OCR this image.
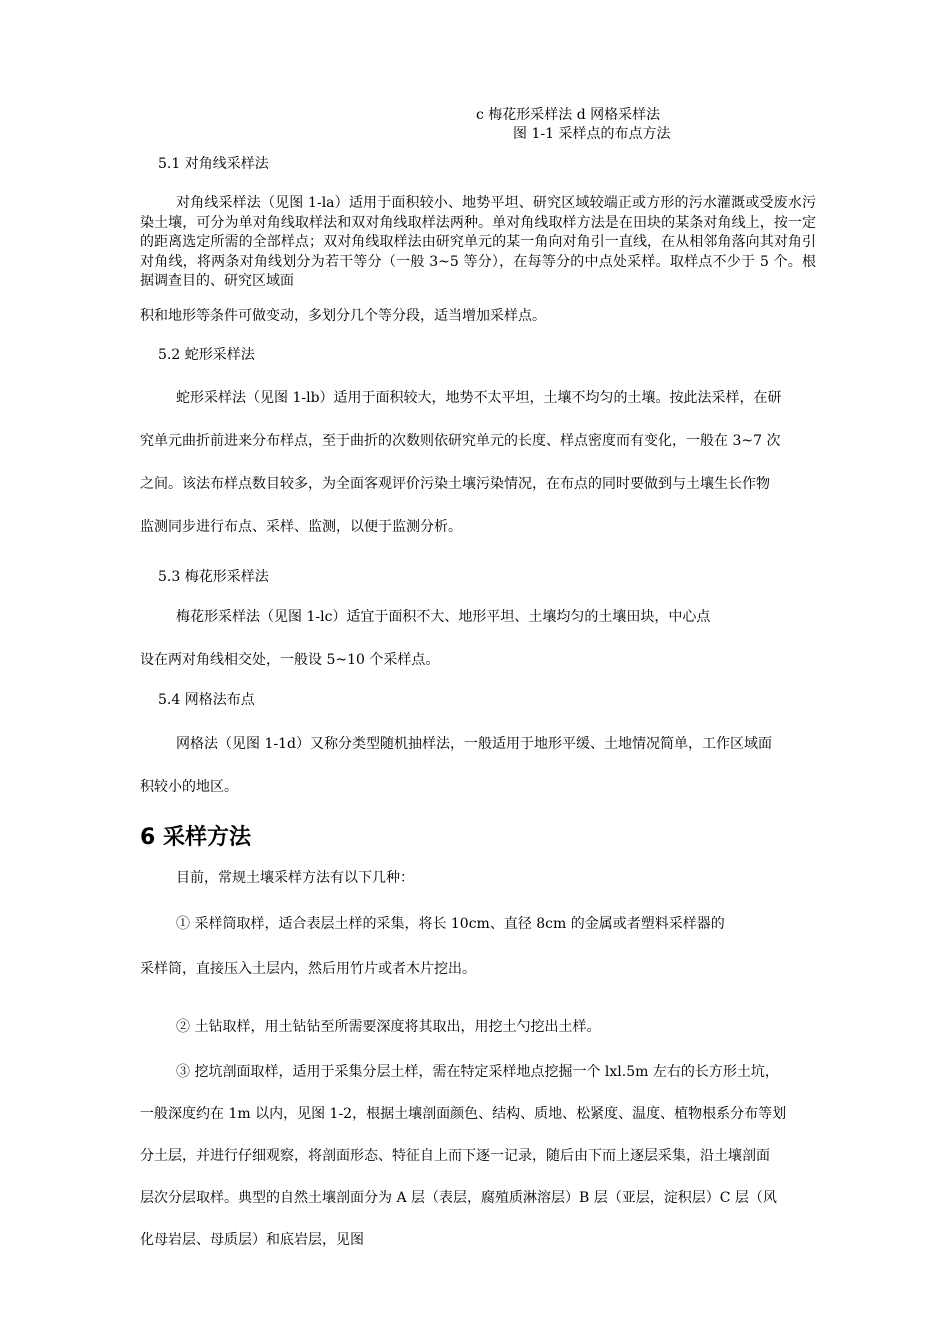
c 梅花形采样法 d 网格采样法

图 1-1 采样点的布点方法

5.1 对角线采样法

对角线采样法（见图 1-la）适用于面积较小、地势平坦、研究区域较端正或方形的污水灌溉或受废水污染土壤，可分为单对角线取样法和双对角线取样法两种。单对角线取样方法是在田块的某条对角线上，按一定的距离选定所需的全部样点；双对角线取样法由研究单元的某一角向对角引一直线，在从相邻角落向其对角引对角线，将两条对角线划分为若干等分（一般 3~5 等分），在每等分的中点处采样。取样点不少于 5 个。根据调查目的、研究区域面

积和地形等条件可做变动，多划分几个等分段，适当增加采样点。

5.2 蛇形采样法

蛇形采样法（见图 1-lb）适用于面积较大，地势不太平坦，土壤不均匀的土壤。按此法采样，在研

究单元曲折前进来分布样点，至于曲折的次数则依研究单元的长度、样点密度而有变化，一般在 3~7 次

之间。该法布样点数目较多，为全面客观评价污染土壤污染情况，在布点的同时要做到与土壤生长作物

监测同步进行布点、采样、监测，以便于监测分析。

5.3 梅花形采样法

梅花形采样法（见图 1-lc）适宜于面积不大、地形平坦、土壤均匀的土壤田块，中心点

设在两对角线相交处，一般设 5~10 个采样点。

5.4 网格法布点

网格法（见图 1-1d）又称分类型随机抽样法，一般适用于地形平缓、土地情况简单，工作区域面

积较小的地区。

6 采样方法

目前，常规土壤采样方法有以下几种：

① 采样筒取样，适合表层土样的采集，将长 10cm、直径 8cm 的金属或者塑料采样器的

采样筒，直接压入土层内，然后用竹片或者木片挖出。

② 土钻取样，用土钻钻至所需要深度将其取出，用挖土勺挖出土样。

③ 挖坑剖面取样，适用于采集分层土样，需在特定采样地点挖掘一个 lxl.5m 左右的长方形土坑，

一般深度约在 1m 以内，见图 1-2，根据土壤剖面颜色、结构、质地、松紧度、温度、植物根系分布等划

分土层，并进行仔细观察，将剖面形态、特征自上而下逐一记录，随后由下而上逐层采集，沿土壤剖面

层次分层取样。典型的自然土壤剖面分为 A 层（表层，腐殖质淋溶层）B 层（亚层，淀积层）C 层（风

化母岩层、母质层）和底岩层，见图
